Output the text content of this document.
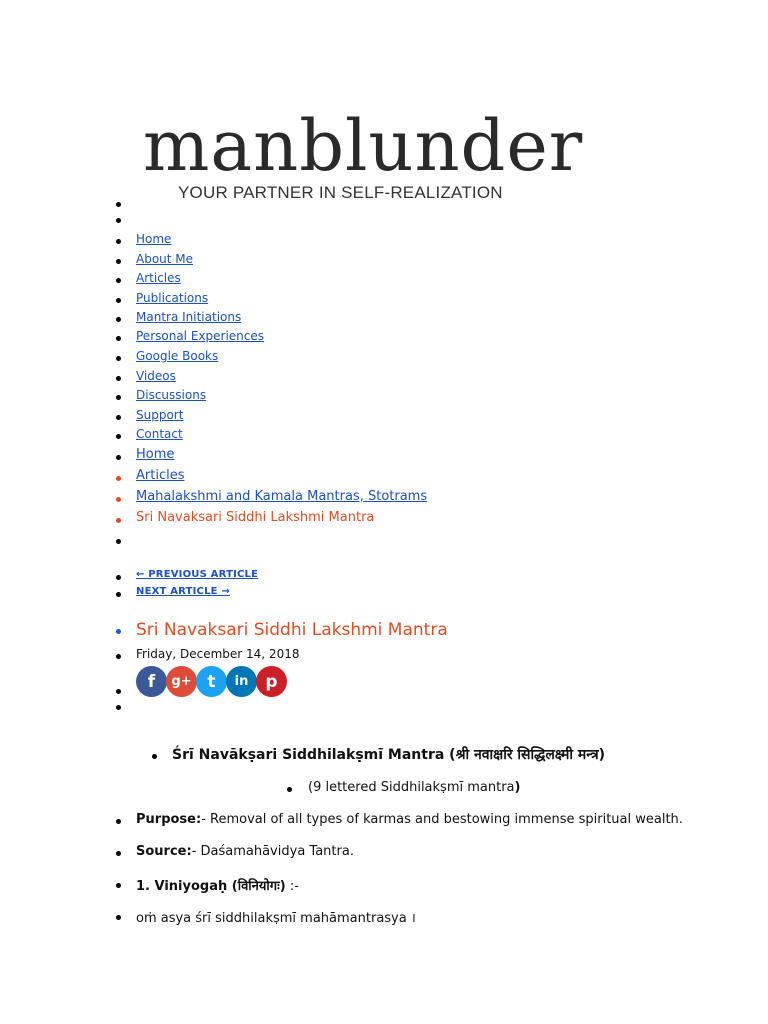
manblunder
YOUR PARTNER IN SELF-REALIZATION
Home
About Me
Articles
Publications
Mantra Initiations
Personal Experiences
Google Books
Videos
Discussions
Support
Contact
Home
Articles
Mahalakshmi and Kamala Mantras, Stotrams
Sri Navaksari Siddhi Lakshmi Mantra
← PREVIOUS ARTICLE
NEXT ARTICLE →
Sri Navaksari Siddhi Lakshmi Mantra
Friday, December 14, 2018
f	g+ t	in	p
Śrī Navākṣari Siddhilakṣmī Mantra (श्री नवाक्षरि सिद्धिलक्ष्मी मन्त्र)
(9 lettered Siddhilakṣmī mantra)
Purpose:- Removal of all types of karmas and bestowing immense spiritual wealth.
Source:- Daśamahāvidya Tantra.
1. Viniyogaḥ (विनियोगः) :-
oṁ asya śrī siddhilakṣmī mahāmantrasya ।
